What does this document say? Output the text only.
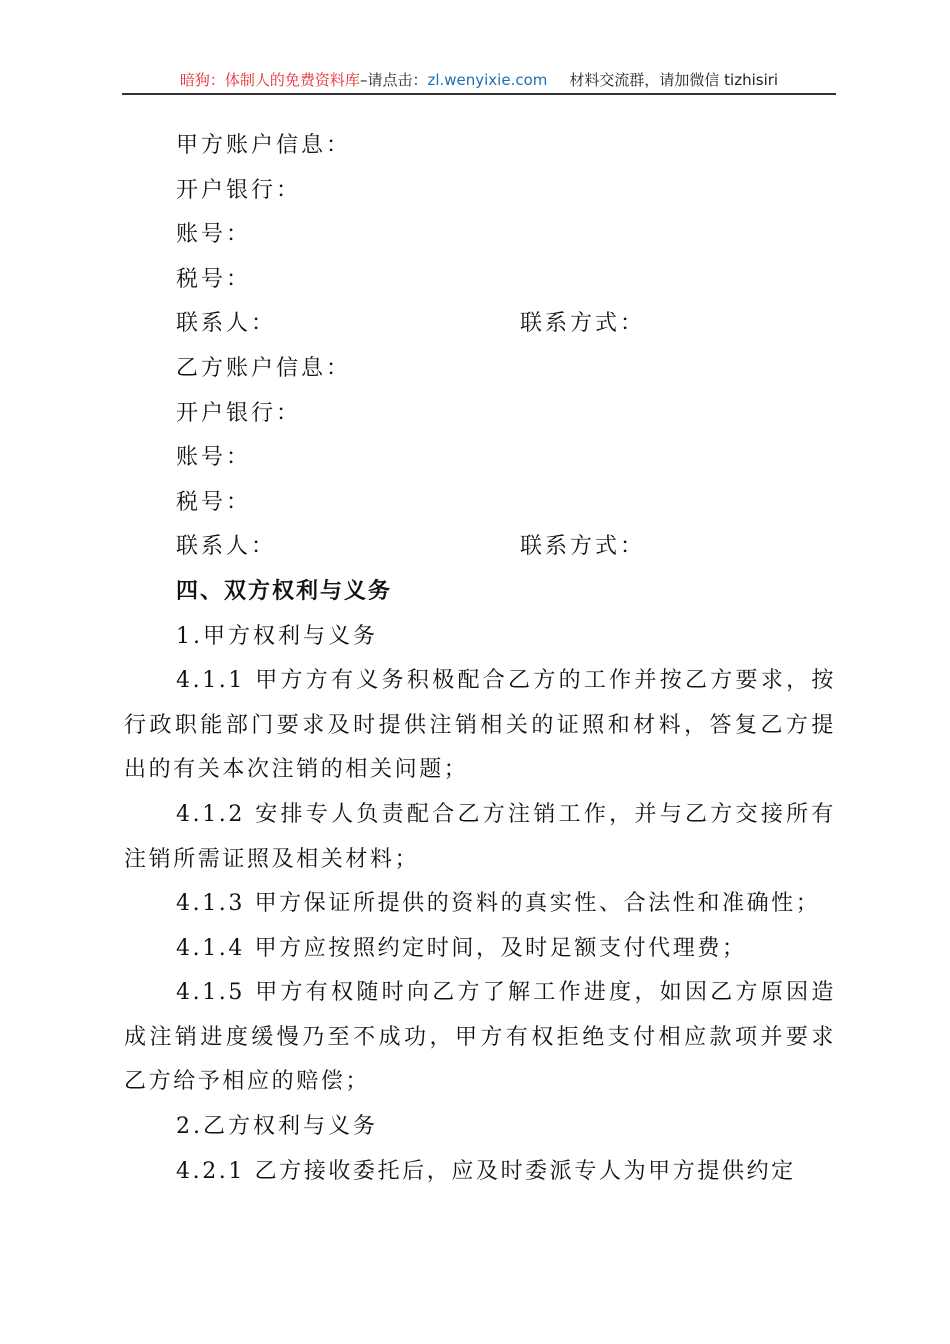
暗狗：体制人的免费资料库–请点击：zl.wenyixie.com 材料交流群，请加微信 tizhisiri
甲方账户信息：
开户银行：
账号：
税号：
联系人：	联系方式：
乙方账户信息：
开户银行：
账号：
税号：
联系人：	联系方式：
四、双方权利与义务
1.甲方权利与义务
4.1.1 甲方方有义务积极配合乙方的工作并按乙方要求，按行政职能部门要求及时提供注销相关的证照和材料，答复乙方提出的有关本次注销的相关问题；
4.1.2 安排专人负责配合乙方注销工作，并与乙方交接所有注销所需证照及相关材料；
4.1.3 甲方保证所提供的资料的真实性、合法性和准确性；
4.1.4 甲方应按照约定时间，及时足额支付代理费；
4.1.5 甲方有权随时向乙方了解工作进度，如因乙方原因造成注销进度缓慢乃至不成功，甲方有权拒绝支付相应款项并要求乙方给予相应的赔偿；
2.乙方权利与义务
4.2.1 乙方接收委托后，应及时委派专人为甲方提供约定
